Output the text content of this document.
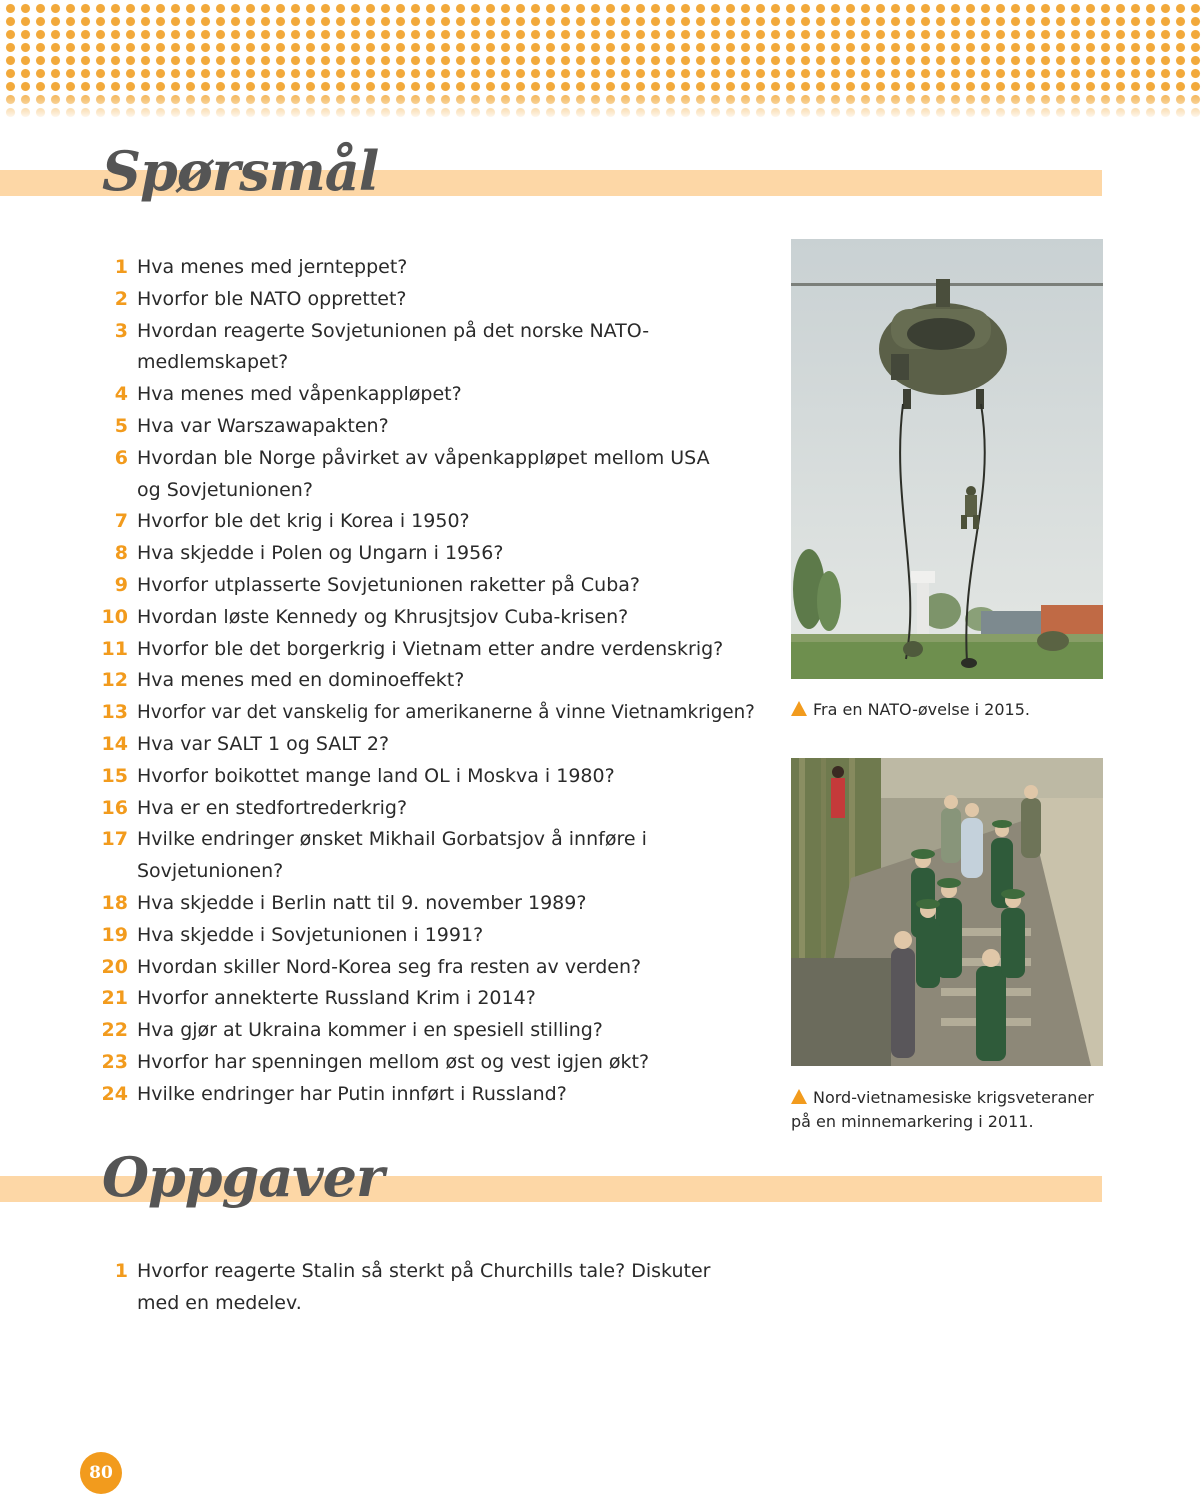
Spørsmål
1 Hva menes med jernteppet?
2 Hvorfor ble NATO opprettet?
3 Hvordan reagerte Sovjetunionen på det norske NATO-medlemskapet?
4 Hva menes med våpenkappløpet?
5 Hva var Warszawapakten?
6 Hvordan ble Norge påvirket av våpenkappløpet mellom USA og Sovjetunionen?
7 Hvorfor ble det krig i Korea i 1950?
8 Hva skjedde i Polen og Ungarn i 1956?
9 Hvorfor utplasserte Sovjetunionen raketter på Cuba?
10 Hvordan løste Kennedy og Khrusjtsjov Cuba-krisen?
11 Hvorfor ble det borgerkrig i Vietnam etter andre verdenskrig?
12 Hva menes med en dominoeffekt?
13 Hvorfor var det vanskelig for amerikanerne å vinne Vietnamkrigen?
14 Hva var SALT 1 og SALT 2?
15 Hvorfor boikottet mange land OL i Moskva i 1980?
16 Hva er en stedfortrederkrig?
17 Hvilke endringer ønsket Mikhail Gorbatsjov å innføre i Sovjetunionen?
18 Hva skjedde i Berlin natt til 9. november 1989?
19 Hva skjedde i Sovjetunionen i 1991?
20 Hvordan skiller Nord-Korea seg fra resten av verden?
21 Hvorfor annekterte Russland Krim i 2014?
22 Hva gjør at Ukraina kommer i en spesiell stilling?
23 Hvorfor har spenningen mellom øst og vest igjen økt?
24 Hvilke endringer har Putin innført i Russland?
Fra en NATO-øvelse i 2015.
Nord-vietnamesiske krigsveteraner på en minnemarkering i 2011.
Oppgaver
1 Hvorfor reagerte Stalin så sterkt på Churchills tale? Diskuter med en medelev.
80
